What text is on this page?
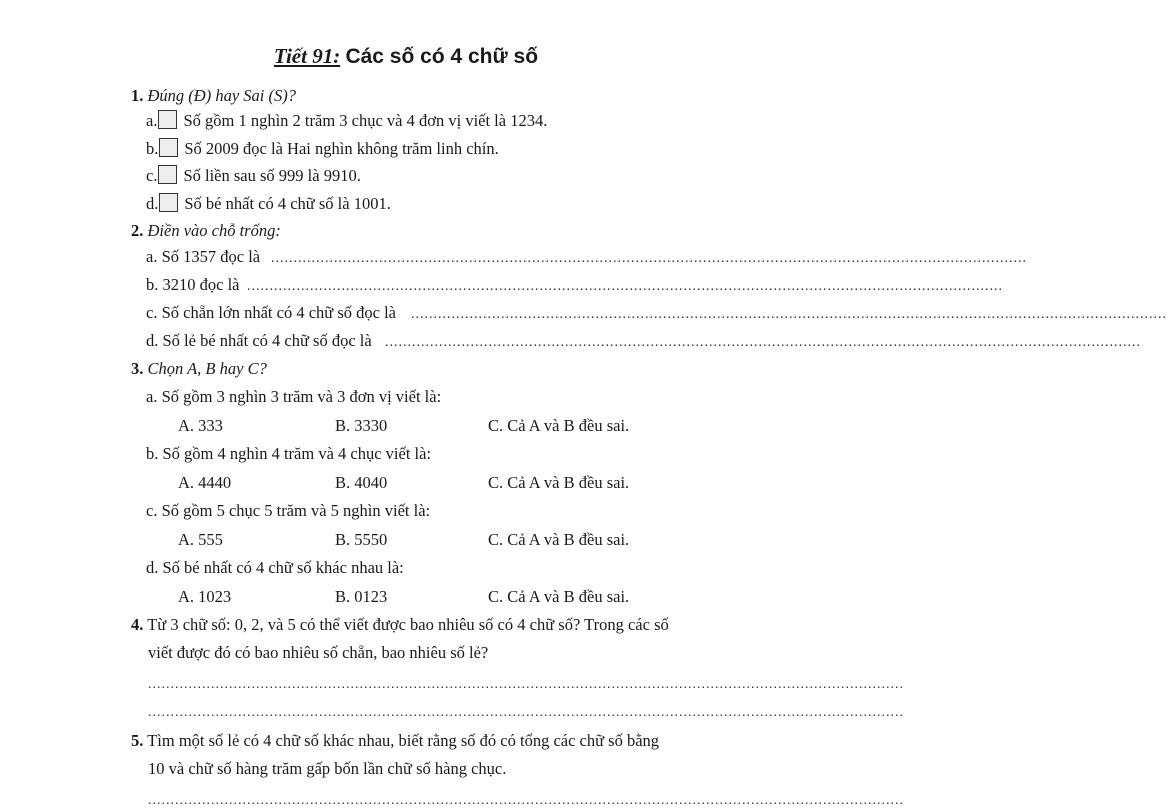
Tiết 91: Các số có 4 chữ số
1. Đúng (Đ) hay Sai (S)?
a. Số gồm 1 nghìn 2 trăm 3 chục và 4 đơn vị viết là 1234.
b. Số 2009 đọc là Hai nghìn không trăm linh chín.
c. Số liền sau số 999 là 9910.
d. Số bé nhất có 4 chữ số là 1001.
2. Điền vào chỗ trống:
a. Số 1357 đọc là ........................................................................................................................................................................
b. 3210 đọc là ........................................................................................................................................................................
c. Số chẵn lớn nhất có 4 chữ số đọc là ........................................................................................................................................................................
d. Số lẻ bé nhất có 4 chữ số đọc là ........................................................................................................................................................................
3. Chọn A, B hay C?
a. Số gồm 3 nghìn 3 trăm và 3 đơn vị viết là:
A. 333	B. 3330	C. Cả A và B đều sai.
b. Số gồm 4 nghìn 4 trăm và 4 chục viết là:
A. 4440	B. 4040	C. Cả A và B đều sai.
c. Số gồm 5 chục 5 trăm và 5 nghìn viết là:
A. 555	B. 5550	C. Cả A và B đều sai.
d. Số bé nhất có 4 chữ số khác nhau là:
A. 1023	B. 0123	C. Cả A và B đều sai.
4. Từ 3 chữ số: 0, 2, và 5 có thể viết được bao nhiêu số có 4 chữ số? Trong các số
viết được đó có bao nhiêu số chẵn, bao nhiêu số lẻ?
........................................................................................................................................................................
........................................................................................................................................................................
5. Tìm một số lẻ có 4 chữ số khác nhau, biết rằng số đó có tổng các chữ số bằng
10 và chữ số hàng trăm gấp bốn lần chữ số hàng chục.
........................................................................................................................................................................
